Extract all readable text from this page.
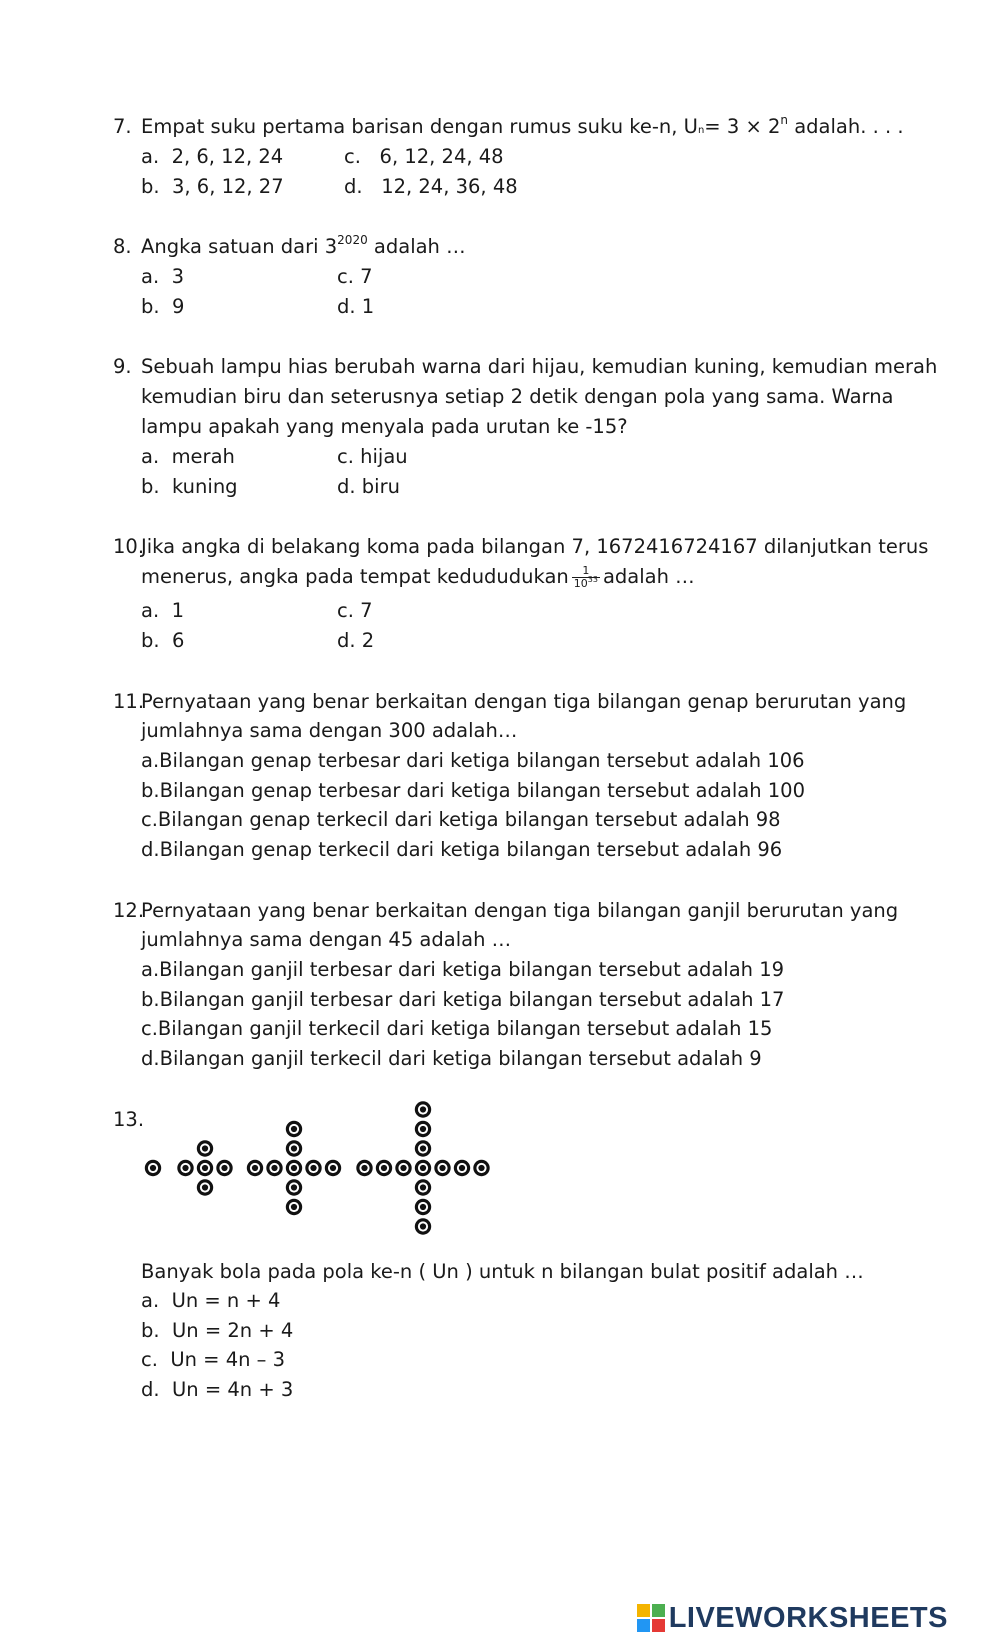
7. Empat suku pertama barisan dengan rumus suku ke-n, $Un= 3 \times 2^n$ adalah. . . .
a. 2, 6, 12, 24	c. 6, 12, 24, 48
b. 3, 6, 12, 27	d. 12, 24, 36, 48
8. Angka satuan dari $3^{2020}$ adalah …
a. 3	c. 7
b. 9	d. 1
9. Sebuah lampu hias berubah warna dari hijau, kemudian kuning, kemudian merah
kemudian biru dan seterusnya setiap 2 detik dengan pola yang sama. Warna
lampu apakah yang menyala pada urutan ke -15?
a. merah	c. hijau
b. kuning	d. biru
10.
Jika angka di belakang koma pada bilangan 7, 1672416724167 dilanjutkan terus
menerus, angka pada tempat kedududukan $\frac{1}{10^{33}}$ adalah …
a. 1	c. 7
b. 6	d. 2
11.
Pernyataan yang benar berkaitan dengan tiga bilangan genap berurutan yang
jumlahnya sama dengan 300 adalah…
a.Bilangan genap terbesar dari ketiga bilangan tersebut adalah 106
b.Bilangan genap terbesar dari ketiga bilangan tersebut adalah 100
c.Bilangan genap terkecil dari ketiga bilangan tersebut adalah 98
d.Bilangan genap terkecil dari ketiga bilangan tersebut adalah 96
12.
Pernyataan yang benar berkaitan dengan tiga bilangan ganjil berurutan yang
jumlahnya sama dengan 45 adalah …
a.Bilangan ganjil terbesar dari ketiga bilangan tersebut adalah 19
b.Bilangan ganjil terbesar dari ketiga bilangan tersebut adalah 17
c.Bilangan ganjil terkecil dari ketiga bilangan tersebut adalah 15
d.Bilangan ganjil terkecil dari ketiga bilangan tersebut adalah 9
13.
Banyak bola pada pola ke-n ( Un ) untuk n bilangan bulat positif adalah …
a. Un = n + 4
b. Un = 2n + 4
c. Un = 4n – 3
d. Un = 4n + 3
LIVEWORKSHEETS
